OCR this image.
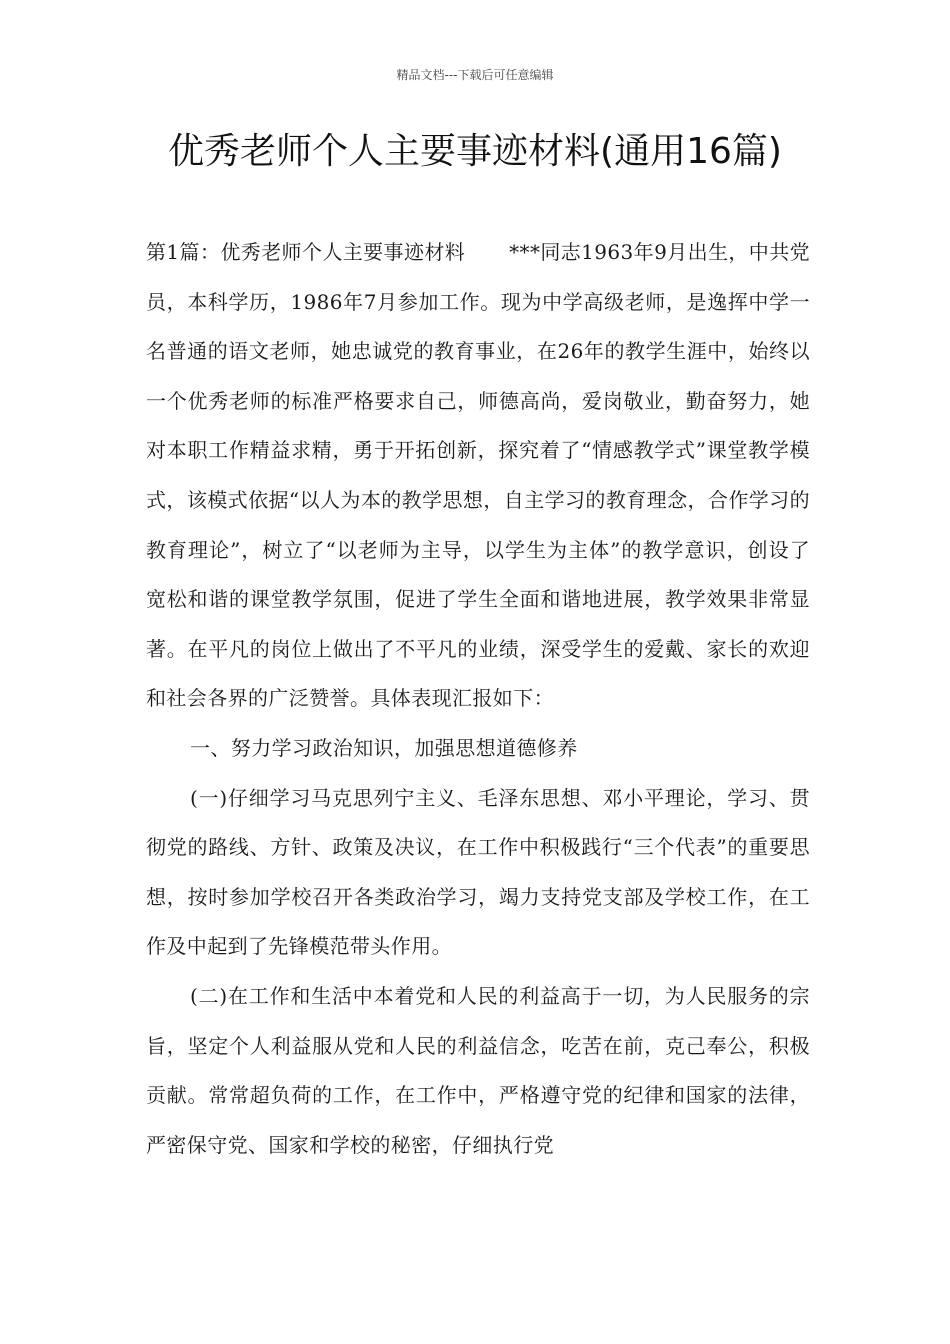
精品文档---下载后可任意编辑
优秀老师个人主要事迹材料(通用16篇)

第1篇：优秀老师个人主要事迹材料 ***同志1963年9月出生，中共党员，本科学历，1986年7月参加工作。现为中学高级老师，是逸挥中学一名普通的语文老师，她忠诚党的教育事业，在26年的教学生涯中，始终以一个优秀老师的标准严格要求自己，师德高尚，爱岗敬业，勤奋努力，她对本职工作精益求精，勇于开拓创新，探究着了“情感教学式”课堂教学模式，该模式依据“以人为本的教学思想，自主学习的教育理念，合作学习的教育理论”，树立了“以老师为主导，以学生为主体”的教学意识，创设了宽松和谐的课堂教学氛围，促进了学生全面和谐地进展，教学效果非常显著。在平凡的岗位上做出了不平凡的业绩，深受学生的爱戴、家长的欢迎和社会各界的广泛赞誉。具体表现汇报如下：

一、努力学习政治知识，加强思想道德修养

(一)仔细学习马克思列宁主义、毛泽东思想、邓小平理论，学习、贯彻党的路线、方针、政策及决议，在工作中积极践行“三个代表”的重要思想，按时参加学校召开各类政治学习，竭力支持党支部及学校工作，在工作及中起到了先锋模范带头作用。

(二)在工作和生活中本着党和人民的利益高于一切，为人民服务的宗旨，坚定个人利益服从党和人民的利益信念，吃苦在前，克己奉公，积极贡献。常常超负荷的工作，在工作中，严格遵守党的纪律和国家的法律，严密保守党、国家和学校的秘密，仔细执行党
